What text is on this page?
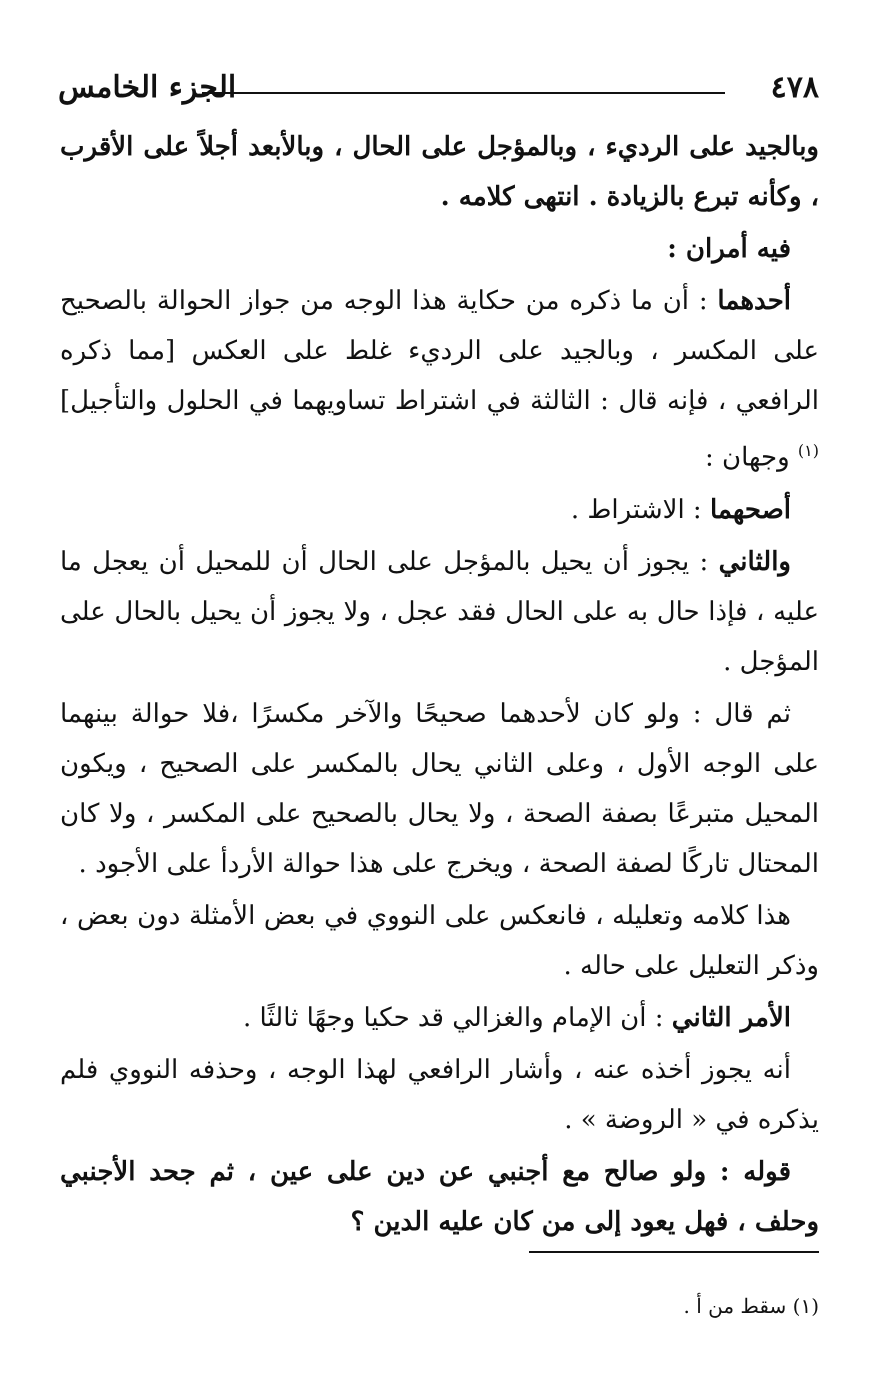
٤٧٨
الجزء الخامس

وبالجيد على الرديء ، وبالمؤجل على الحال ، وبالأبعد أجلاً على الأقرب ، وكأنه تبرع بالزيادة . انتهى كلامه .

فيه أمران :

أحدهما : أن ما ذكره من حكاية هذا الوجه من جواز الحوالة بالصحيح على المكسر ، وبالجيد على الرديء غلط على العكس [مما ذكره الرافعي ، فإنه قال : الثالثة في اشتراط تساويهما في الحلول والتأجيل] $^{(١)}$ وجهان :

أصحهما : الاشتراط .

والثاني : يجوز أن يحيل بالمؤجل على الحال أن للمحيل أن يعجل ما عليه ، فإذا حال به على الحال فقد عجل ، ولا يجوز أن يحيل بالحال على المؤجل .

ثم قال : ولو كان لأحدهما صحيحًا والآخر مكسرًا ،فلا حوالة بينهما على الوجه الأول ، وعلى الثاني يحال بالمكسر على الصحيح ، ويكون المحيل متبرعًا بصفة الصحة ، ولا يحال بالصحيح على المكسر ، ولا كان المحتال تاركًا لصفة الصحة ، ويخرج على هذا حوالة الأردأ على الأجود .

هذا كلامه وتعليله ، فانعكس على النووي في بعض الأمثلة دون بعض ، وذكر التعليل على حاله .

الأمر الثاني : أن الإمام والغزالي قد حكيا وجهًا ثالثًا .

أنه يجوز أخذه عنه ، وأشار الرافعي لهذا الوجه ، وحذفه النووي فلم يذكره في « الروضة » .

قوله : ولو صالح مع أجنبي عن دين على عين ، ثم جحد الأجنبي وحلف ، فهل يعود إلى من كان عليه الدين ؟

(١) سقط من أ .
